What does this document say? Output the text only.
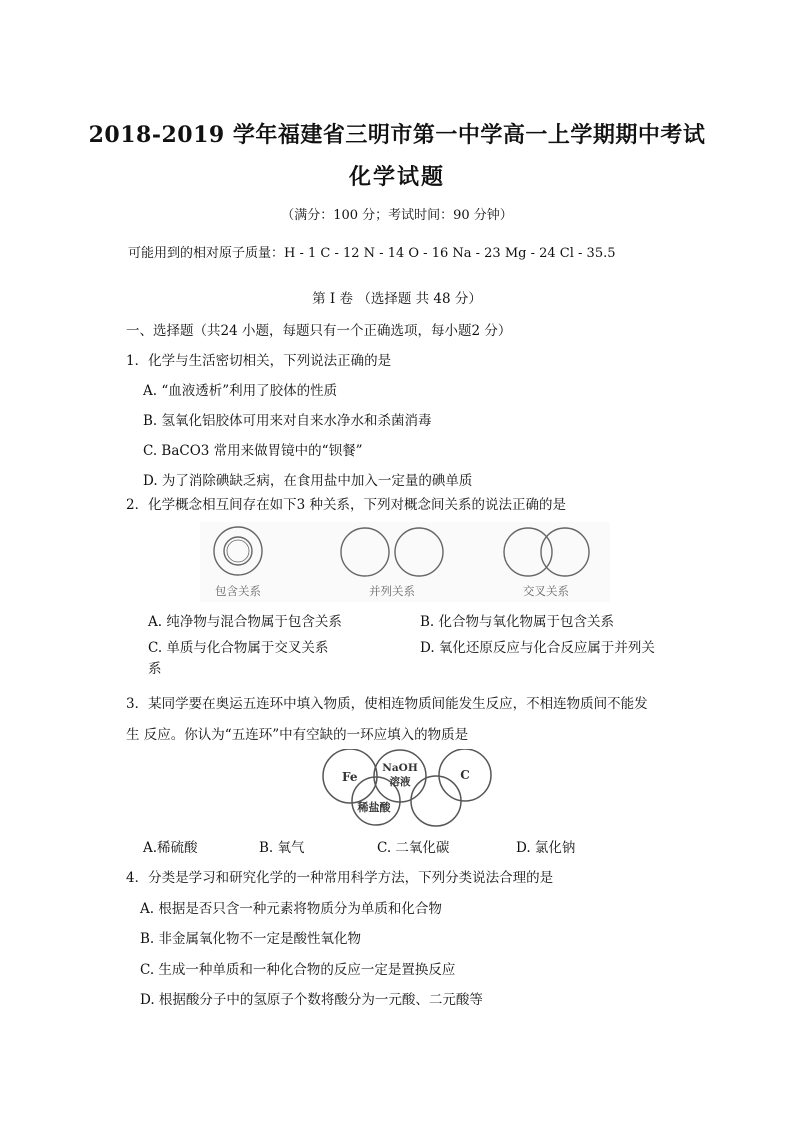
2018-2019 学年福建省三明市第一中学高一上学期期中考试
化学试题
（满分：100 分；考试时间：90 分钟）
可能用到的相对原子质量：H - 1 C - 12 N - 14 O - 16 Na - 23 Mg - 24 Cl - 35.5
第 I 卷 （选择题 共 48 分）
一、选择题（共24 小题，每题只有一个正确选项，每小题2 分）
1．化学与生活密切相关，下列说法正确的是
A. “血液透析”利用了胶体的性质
B. 氢氧化铝胶体可用来对自来水净水和杀菌消毒
C. BaCO3 常用来做胃镜中的“钡餐”
D. 为了消除碘缺乏病，在食用盐中加入一定量的碘单质
2．化学概念相互间存在如下3 种关系，下列对概念间关系的说法正确的是
包含关系	并列关系	交叉关系
A. 纯净物与混合物属于包含关系	B. 化合物与氧化物属于包含关系
C. 单质与化合物属于交叉关系	D. 氧化还原反应与化合反应属于并列关
系
3．某同学要在奥运五连环中填入物质，使相连物质间能发生反应，不相连物质间不能发
生 反应。你认为“五连环”中有空缺的一环应填入的物质是
Fe
NaOH
溶液	C
稀盐酸
A.稀硫酸	B. 氧气	C. 二氧化碳	D. 氯化钠
4．分类是学习和研究化学的一种常用科学方法，下列分类说法合理的是
A. 根据是否只含一种元素将物质分为单质和化合物
B. 非金属氧化物不一定是酸性氧化物
C. 生成一种单质和一种化合物的反应一定是置换反应
D. 根据酸分子中的氢原子个数将酸分为一元酸、二元酸等
